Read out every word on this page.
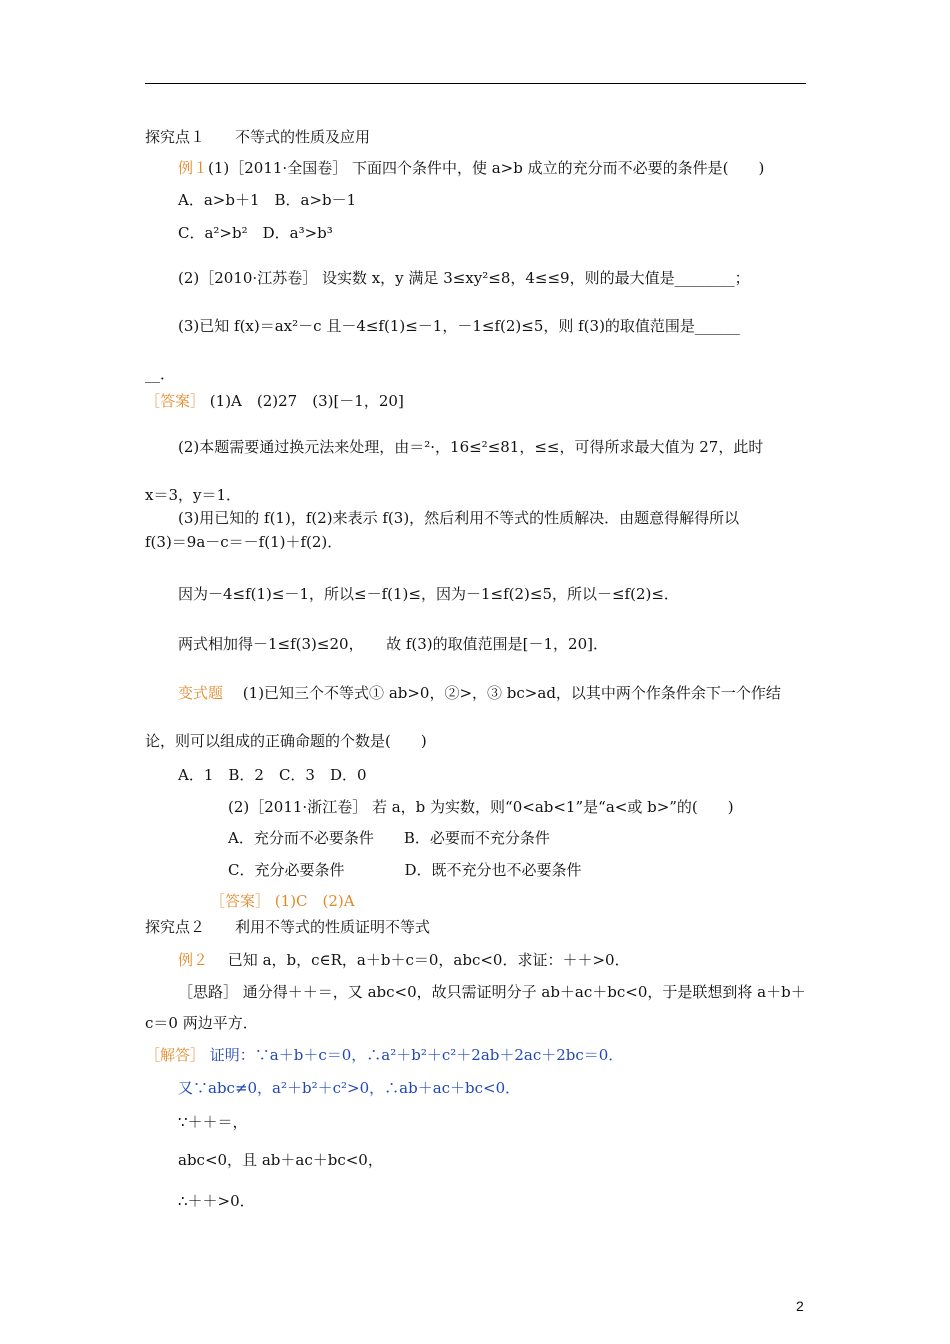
探究点１　　不等式的性质及应用
例１(1)［2011·全国卷］ 下面四个条件中，使 a>b 成立的充分而不必要的条件是(　　)
A．a>b＋1　B．a>b－1
C．a²>b²　D．a³>b³
(2)［2010·江苏卷］ 设实数 x，y 满足 3≤xy²≤8，4≤≤9，则的最大值是________；
(3)已知 f(x)＝ax²－c 且－4≤f(1)≤－1，－1≤f(2)≤5，则 f(3)的取值范围是______
__．
［答案］ (1)A　(2)27　(3)[－1，20]
(2)本题需要通过换元法来处理，由＝²·，16≤²≤81，≤≤，可得所求最大值为 27，此时
x＝3，y＝1．
(3)用已知的 f(1)，f(2)来表示 f(3)，然后利用不等式的性质解决．由题意得解得所以
f(3)＝9a－c＝－f(1)＋f(2)．
因为－4≤f(1)≤－1，所以≤－f(1)≤，因为－1≤f(2)≤5，所以－≤f(2)≤．
两式相加得－1≤f(3)≤20，　　故 f(3)的取值范围是[－1，20]．
变式题　 (1)已知三个不等式① ab>0，②>，③ bc>ad，以其中两个作条件余下一个作结
论，则可以组成的正确命题的个数是(　　)
A．1　B．2　C．3　D．0
(2)［2011·浙江卷］ 若 a，b 为实数，则“0<ab<1”是“a<或 b>”的(　　)
A．充分而不必要条件　　B．必要而不充分条件
C．充分必要条件　　　　D．既不充分也不必要条件
［答案］ (1)C　(2)A
探究点２　　利用不等式的性质证明不等式
例２　 已知 a，b，c∈R，a＋b＋c＝0，abc<0．求证：＋＋>0．
［思路］ 通分得＋＋＝，又 abc<0，故只需证明分子 ab＋ac＋bc<0，于是联想到将 a＋b＋
c＝0 两边平方．
［解答］ 证明：∵a＋b＋c＝0，∴a²＋b²＋c²＋2ab＋2ac＋2bc＝0．
又∵abc≠0，a²＋b²＋c²>0，∴ab＋ac＋bc<0．
∵＋＋＝，
abc<0，且 ab＋ac＋bc<0，
∴＋＋>0．
2
